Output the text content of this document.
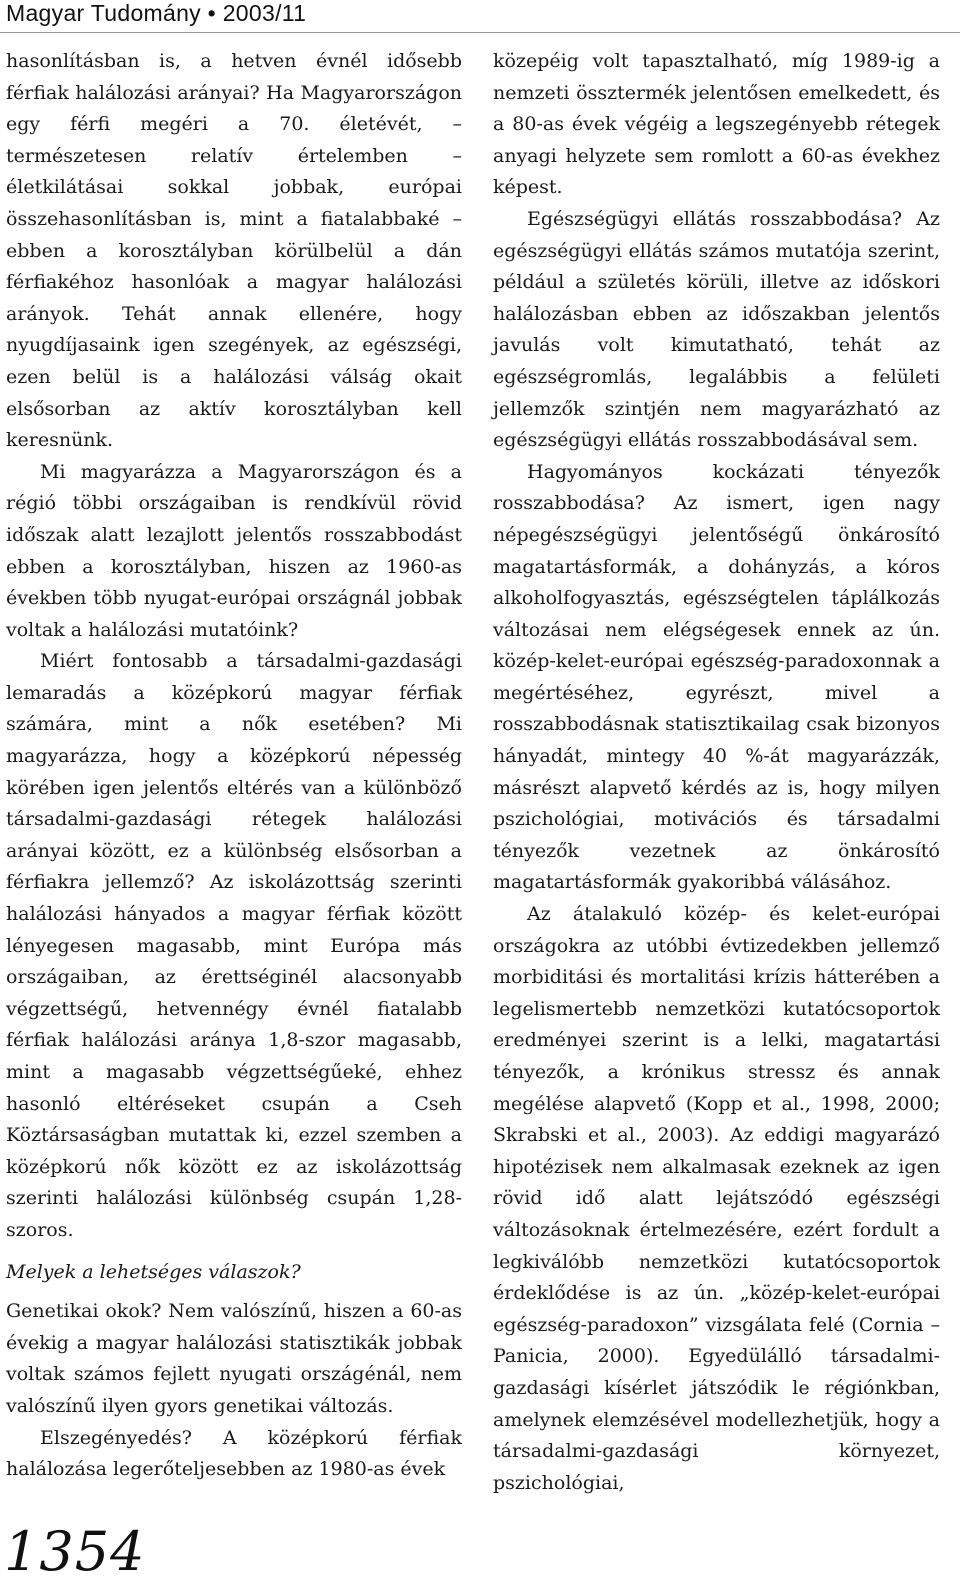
Magyar Tudomány • 2003/11

hasonlításban is, a hetven évnél idősebb férfiak halálozási arányai? Ha Magyarországon egy férfi megéri a 70. életévét, – természetesen relatív értelemben – életkilátásai sokkal jobbak, európai összehasonlításban is, mint a fiatalabbaké – ebben a korosztályban körülbelül a dán férfiakéhoz hasonlóak a magyar halálozási arányok. Tehát annak ellenére, hogy nyugdíjasaink igen szegények, az egészségi, ezen belül is a halálozási válság okait elsősorban az aktív korosztályban kell keresnünk.

Mi magyarázza a Magyarországon és a régió többi országaiban is rendkívül rövid időszak alatt lezajlott jelentős rosszabbodást ebben a korosztályban, hiszen az 1960-as években több nyugat-európai országnál jobbak voltak a halálozási mutatóink?

Miért fontosabb a társadalmi-gazdasági lemaradás a középkorú magyar férfiak számára, mint a nők esetében? Mi magyarázza, hogy a középkorú népesség körében igen jelentős eltérés van a különböző társadalmi-gazdasági rétegek halálozási arányai között, ez a különbség elsősorban a férfiakra jellemző? Az iskolázottság szerinti halálozási hányados a magyar férfiak között lényegesen magasabb, mint Európa más országaiban, az érettséginél alacsonyabb végzettségű, hetvennégy évnél fiatalabb férfiak halálozási aránya 1,8-szor magasabb, mint a magasabb végzettségűeké, ehhez hasonló eltéréseket csupán a Cseh Köztársaságban mutattak ki, ezzel szemben a középkorú nők között ez az iskolázottság szerinti halálozási különbség csupán 1,28-szoros.

Melyek a lehetséges válaszok?

Genetikai okok? Nem valószínű, hiszen a 60-as évekig a magyar halálozási statisztikák jobbak voltak számos fejlett nyugati országénál, nem valószínű ilyen gyors genetikai változás.

Elszegényedés? A középkorú férfiak halálozása legerőteljesebben az 1980-as évek

közepéig volt tapasztalható, míg 1989-ig a nemzeti össztermék jelentősen emelkedett, és a 80-as évek végéig a legszegényebb rétegek anyagi helyzete sem romlott a 60-as évekhez képest.

Egészségügyi ellátás rosszabbodása? Az egészségügyi ellátás számos mutatója szerint, például a születés körüli, illetve az időskori halálozásban ebben az időszakban jelentős javulás volt kimutatható, tehát az egészségromlás, legalábbis a felületi jellemzők szintjén nem magyarázható az egészségügyi ellátás rosszabbodásával sem.

Hagyományos kockázati tényezők rosszabbodása? Az ismert, igen nagy népegészségügyi jelentőségű önkárosító magatartásformák, a dohányzás, a kóros alkoholfogyasztás, egészségtelen táplálkozás változásai nem elégségesek ennek az ún. közép-kelet-európai egészség-paradoxonnak a megértéséhez, egyrészt, mivel a rosszabbodásnak statisztikailag csak bizonyos hányadát, mintegy 40 %-át magyarázzák, másrészt alapvető kérdés az is, hogy milyen pszichológiai, motivációs és társadalmi tényezők vezetnek az önkárosító magatartásformák gyakoribbá válásához.

Az átalakuló közép- és kelet-európai országokra az utóbbi évtizedekben jellemző morbiditási és mortalitási krízis hátterében a legelismertebb nemzetközi kutatócsoportok eredményei szerint is a lelki, magatartási tényezők, a krónikus stressz és annak megélése alapvető (Kopp et al., 1998, 2000; Skrabski et al., 2003). Az eddigi magyarázó hipotézisek nem alkalmasak ezeknek az igen rövid idő alatt lejátszódó egészségi változásoknak értelmezésére, ezért fordult a legkiválóbb nemzetközi kutatócsoportok érdeklődése is az ún. „közép-kelet-európai egészség-paradoxon” vizsgálata felé (Cornia – Panicia, 2000). Egyedülálló társadalmi-gazdasági kísérlet játszódik le régiónkban, amelynek elemzésével modellezhetjük, hogy a társadalmi-gazdasági környezet, pszichológiai,

1354
